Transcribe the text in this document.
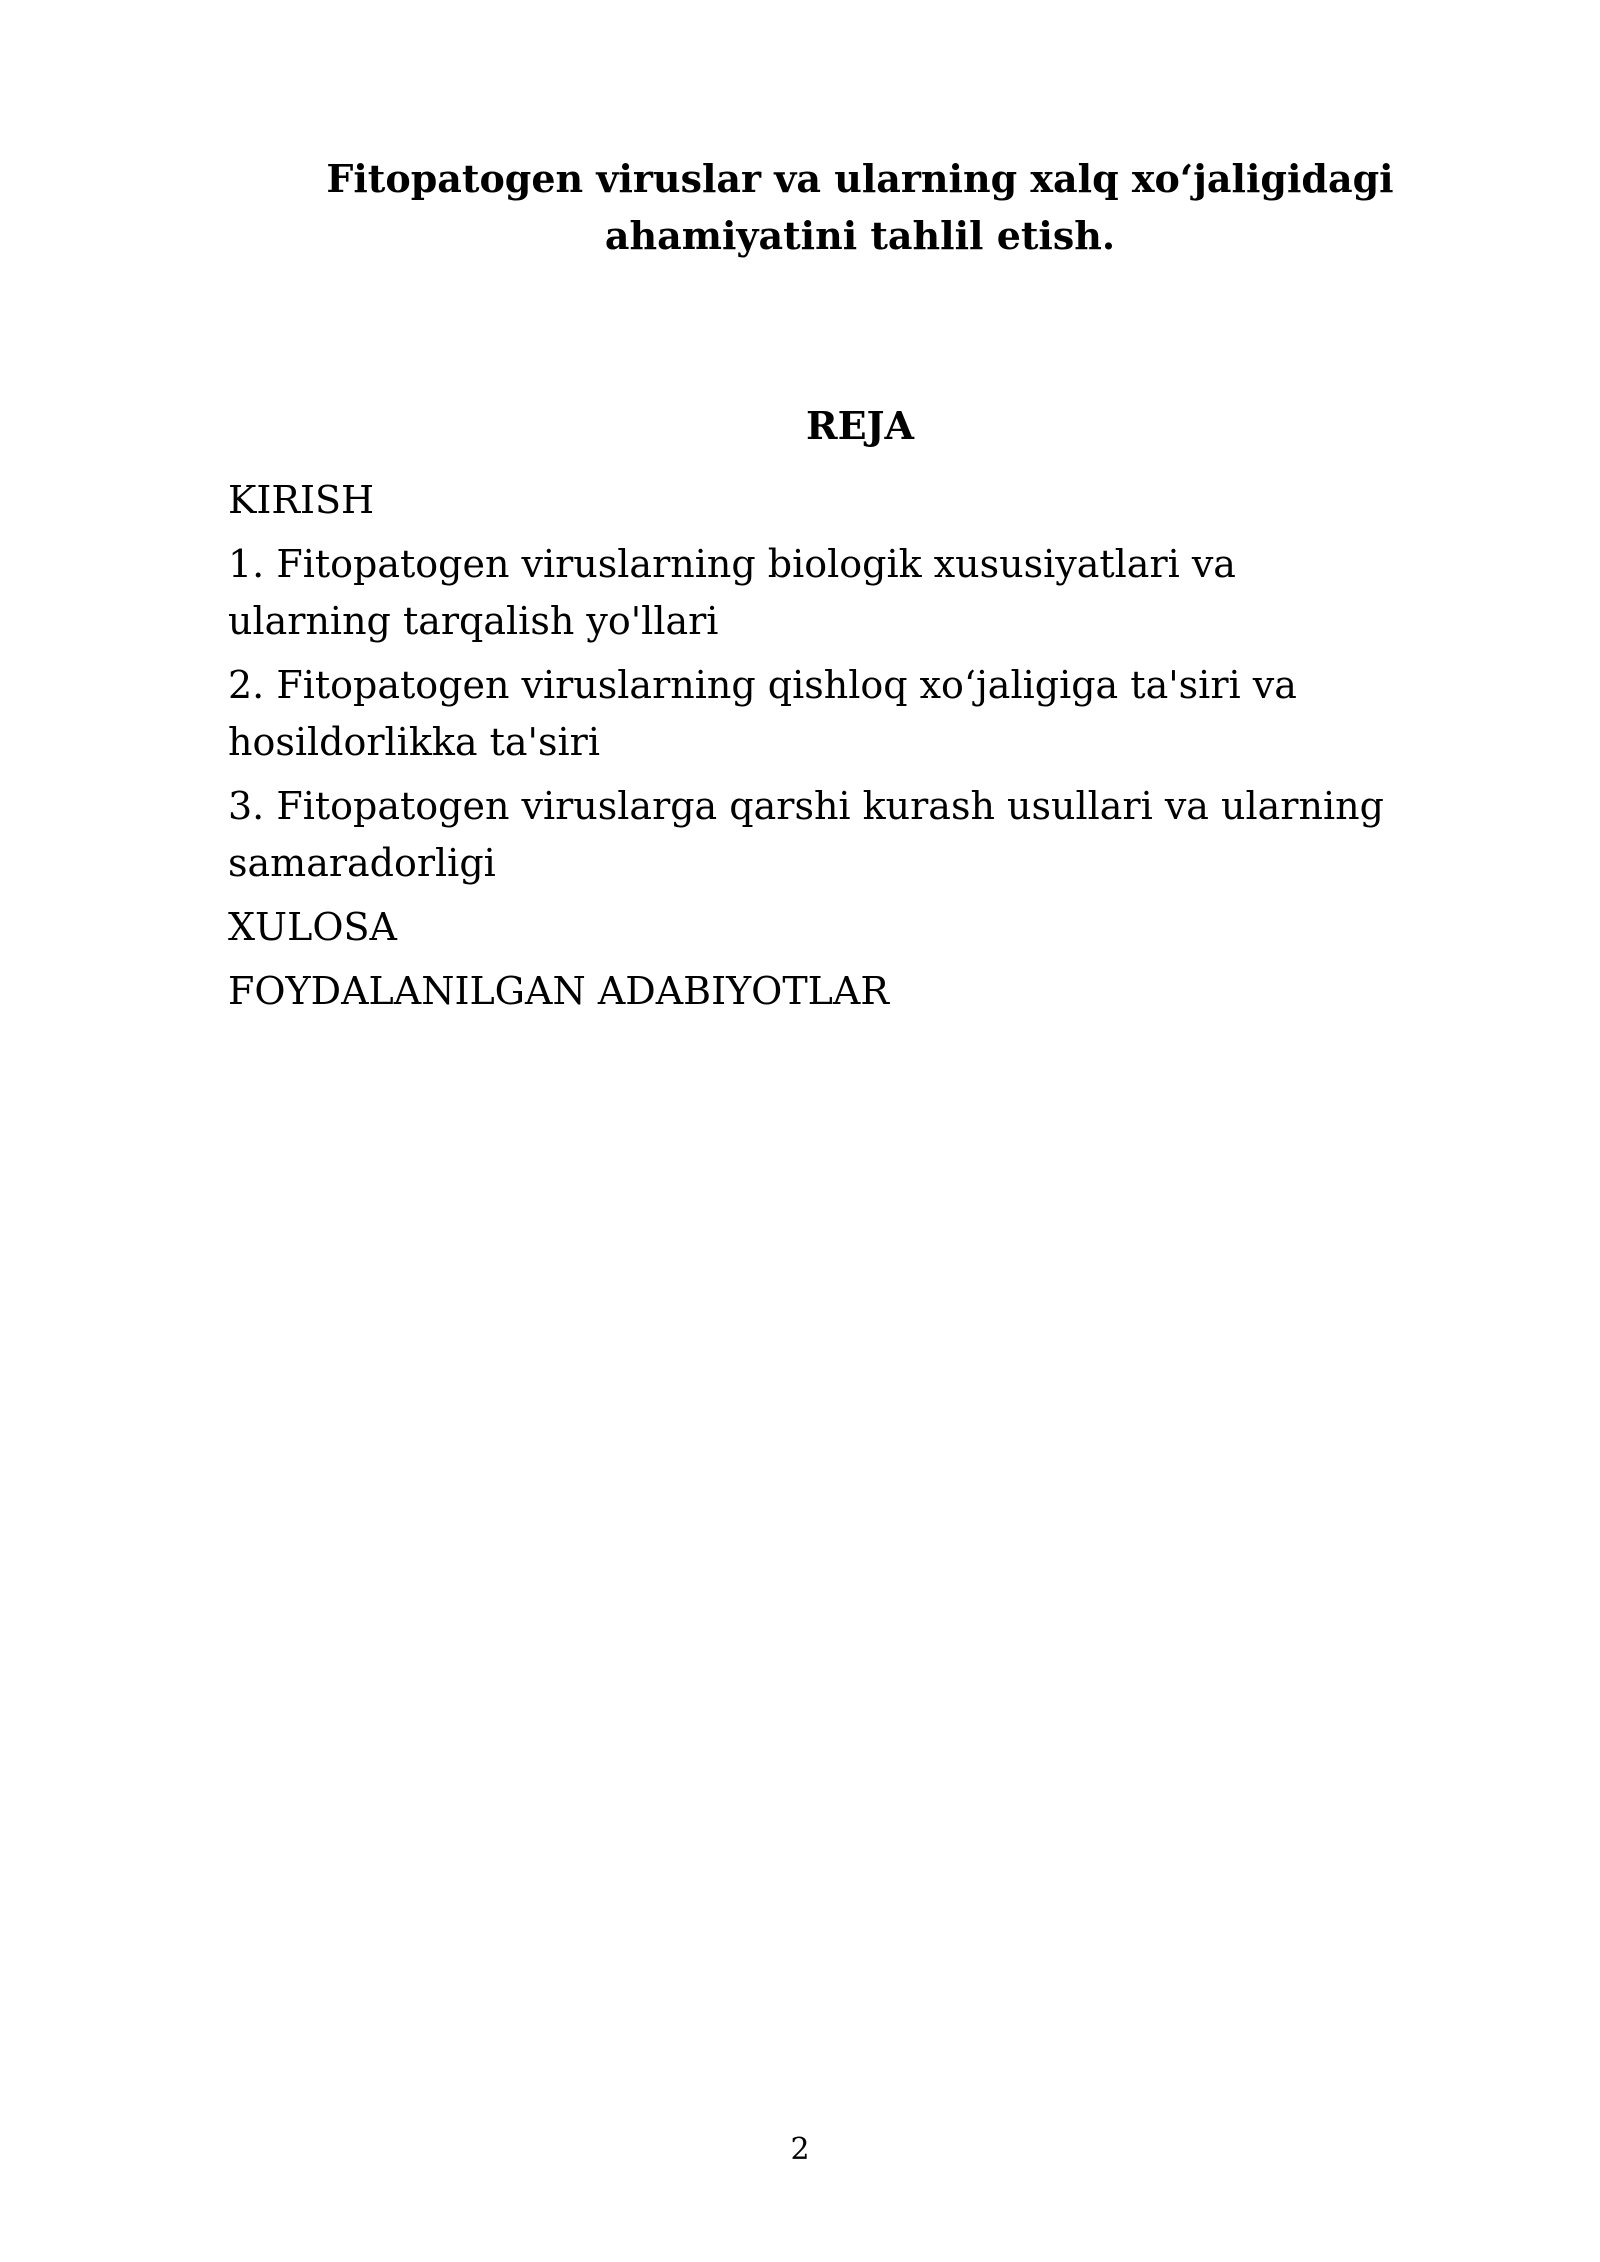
Fitopatogen viruslar va ularning xalq xo‘jaligidagi
ahamiyatini tahlil etish.
REJA
KIRISH
1. Fitopatogen viruslarning biologik xususiyatlari va ularning tarqalish yo'llari
2. Fitopatogen viruslarning qishloq xo‘jaligiga ta'siri va hosildorlikka ta'siri
3. Fitopatogen viruslarga qarshi kurash usullari va ularning samaradorligi
XULOSA
FOYDALANILGAN ADABIYOTLAR
2
